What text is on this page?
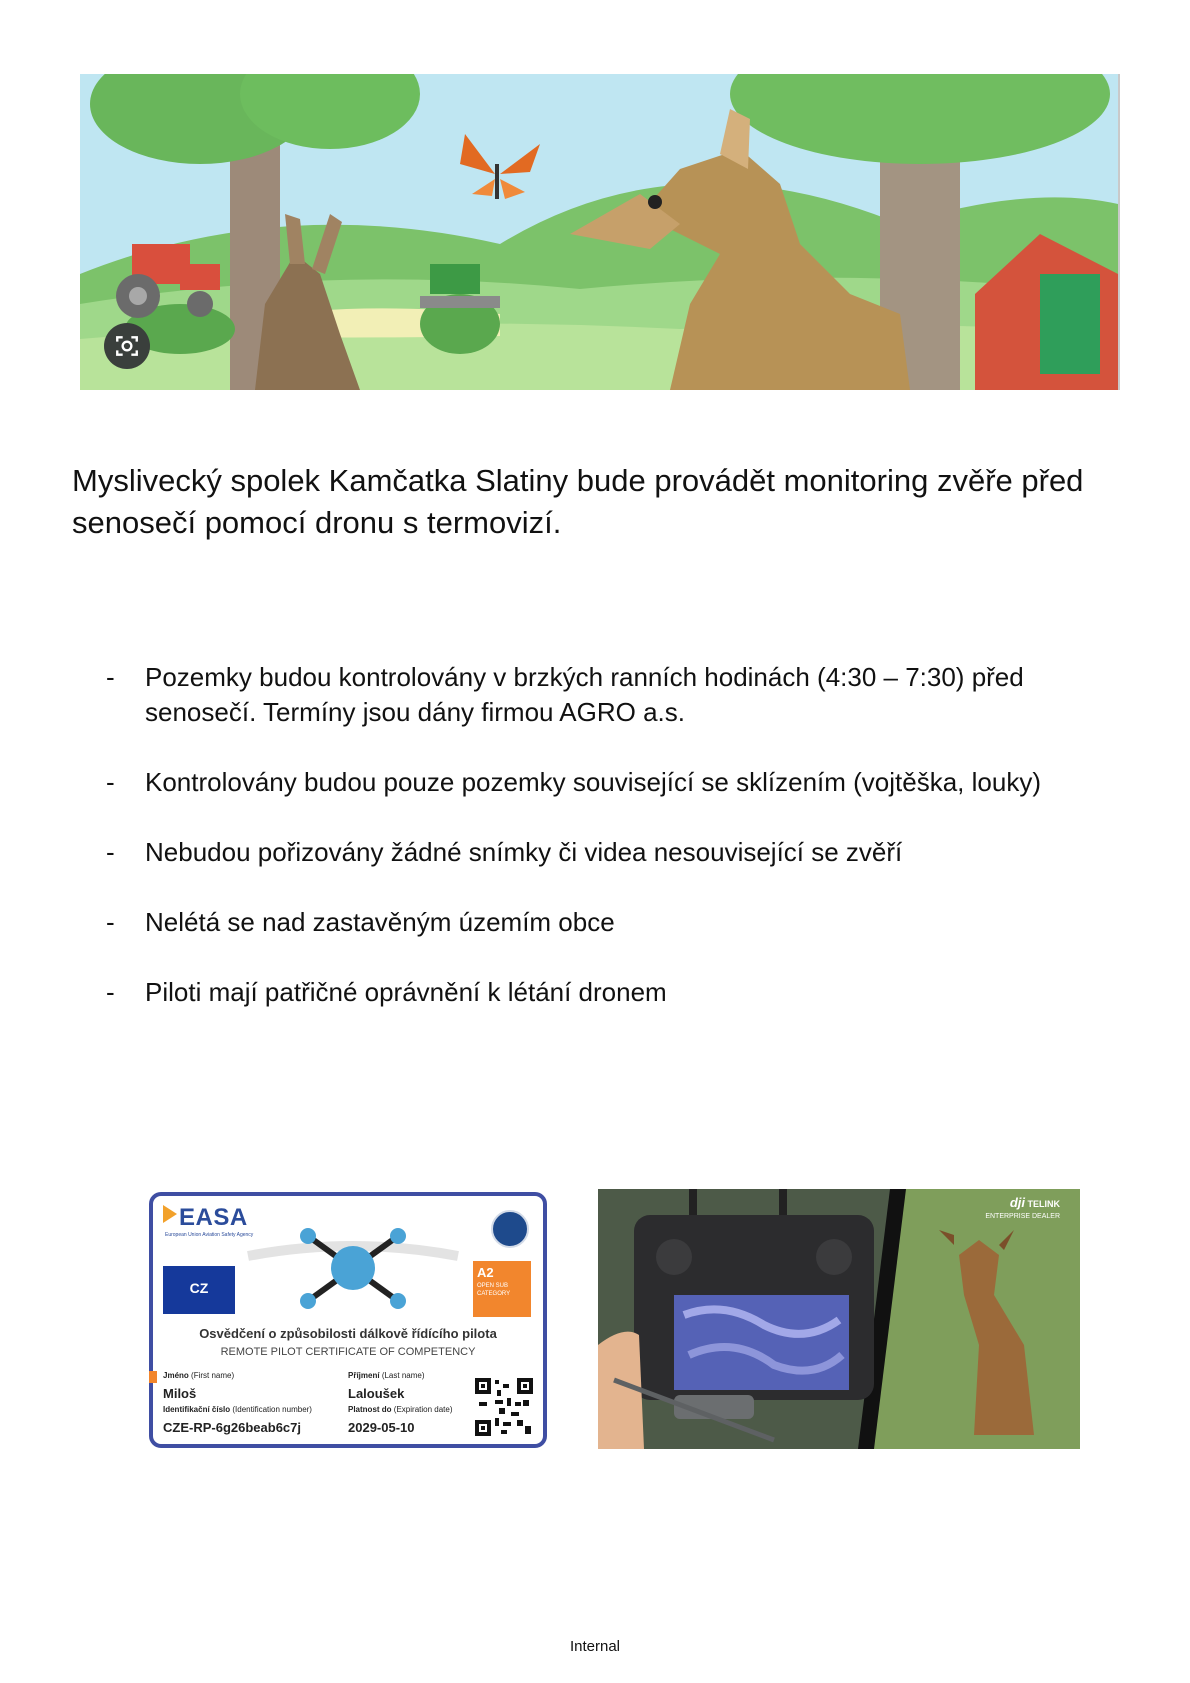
Myslivecký spolek Kamčatka Slatiny bude provádět monitoring zvěře před senosečí pomocí dronu s termovizí.

- Pozemky budou kontrolovány v brzkých ranních hodinách (4:30 – 7:30) před senosečí. Termíny jsou dány firmou AGRO a.s.
- Kontrolovány budou pouze pozemky související se sklízením (vojtěška, louky)
- Nebudou pořizovány žádné snímky či videa nesouvisející se zvěří
- Nelétá se nad zastavěným územím obce
- Piloti mají patřičné oprávnění k létání dronem
EASA
European Union Aviation Safety Agency
CZ
A2
OPEN SUB CATEGORY
Osvědčení o způsobilosti dálkově řídícího pilota
REMOTE PILOT CERTIFICATE OF COMPETENCY
Jméno (First name)
Miloš
Příjmení (Last name)
Laloušek
Identifikační číslo (Identification number)
CZE-RP-6g26beab6c7j
Platnost do (Expiration date)
2029-05-10
dji TELINK
ENTERPRISE DEALER
Internal
